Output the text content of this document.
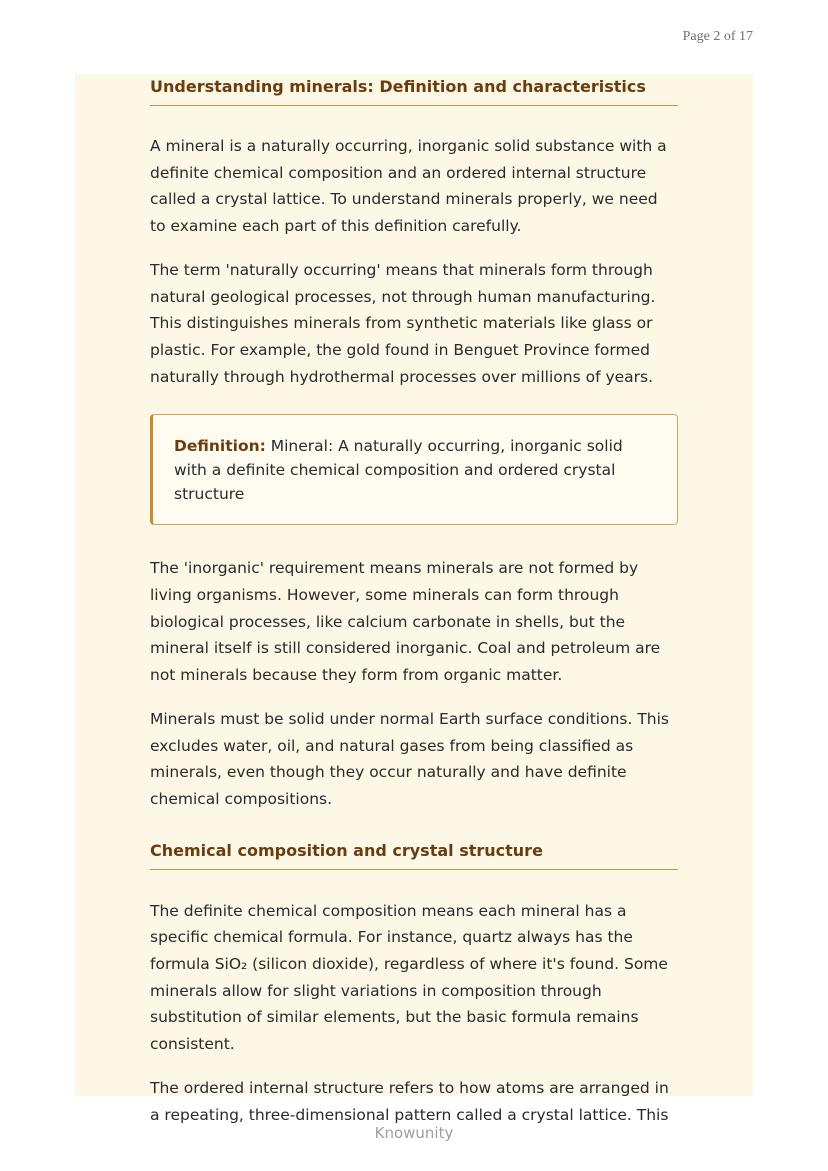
Page 2 of 17
Understanding minerals: Definition and characteristics

A mineral is a naturally occurring, inorganic solid substance with a definite chemical composition and an ordered internal structure called a crystal lattice. To understand minerals properly, we need to examine each part of this definition carefully.

The term 'naturally occurring' means that minerals form through natural geological processes, not through human manufacturing. This distinguishes minerals from synthetic materials like glass or plastic. For example, the gold found in Benguet Province formed naturally through hydrothermal processes over millions of years.

Definition: Mineral: A naturally occurring, inorganic solid with a definite chemical composition and ordered crystal structure

The 'inorganic' requirement means minerals are not formed by living organisms. However, some minerals can form through biological processes, like calcium carbonate in shells, but the mineral itself is still considered inorganic. Coal and petroleum are not minerals because they form from organic matter.

Minerals must be solid under normal Earth surface conditions. This excludes water, oil, and natural gases from being classified as minerals, even though they occur naturally and have definite chemical compositions.

Chemical composition and crystal structure

The definite chemical composition means each mineral has a specific chemical formula. For instance, quartz always has the formula SiO₂ (silicon dioxide), regardless of where it's found. Some minerals allow for slight variations in composition through substitution of similar elements, but the basic formula remains consistent.

The ordered internal structure refers to how atoms are arranged in a repeating, three-dimensional pattern called a crystal lattice. This

Knowunity
